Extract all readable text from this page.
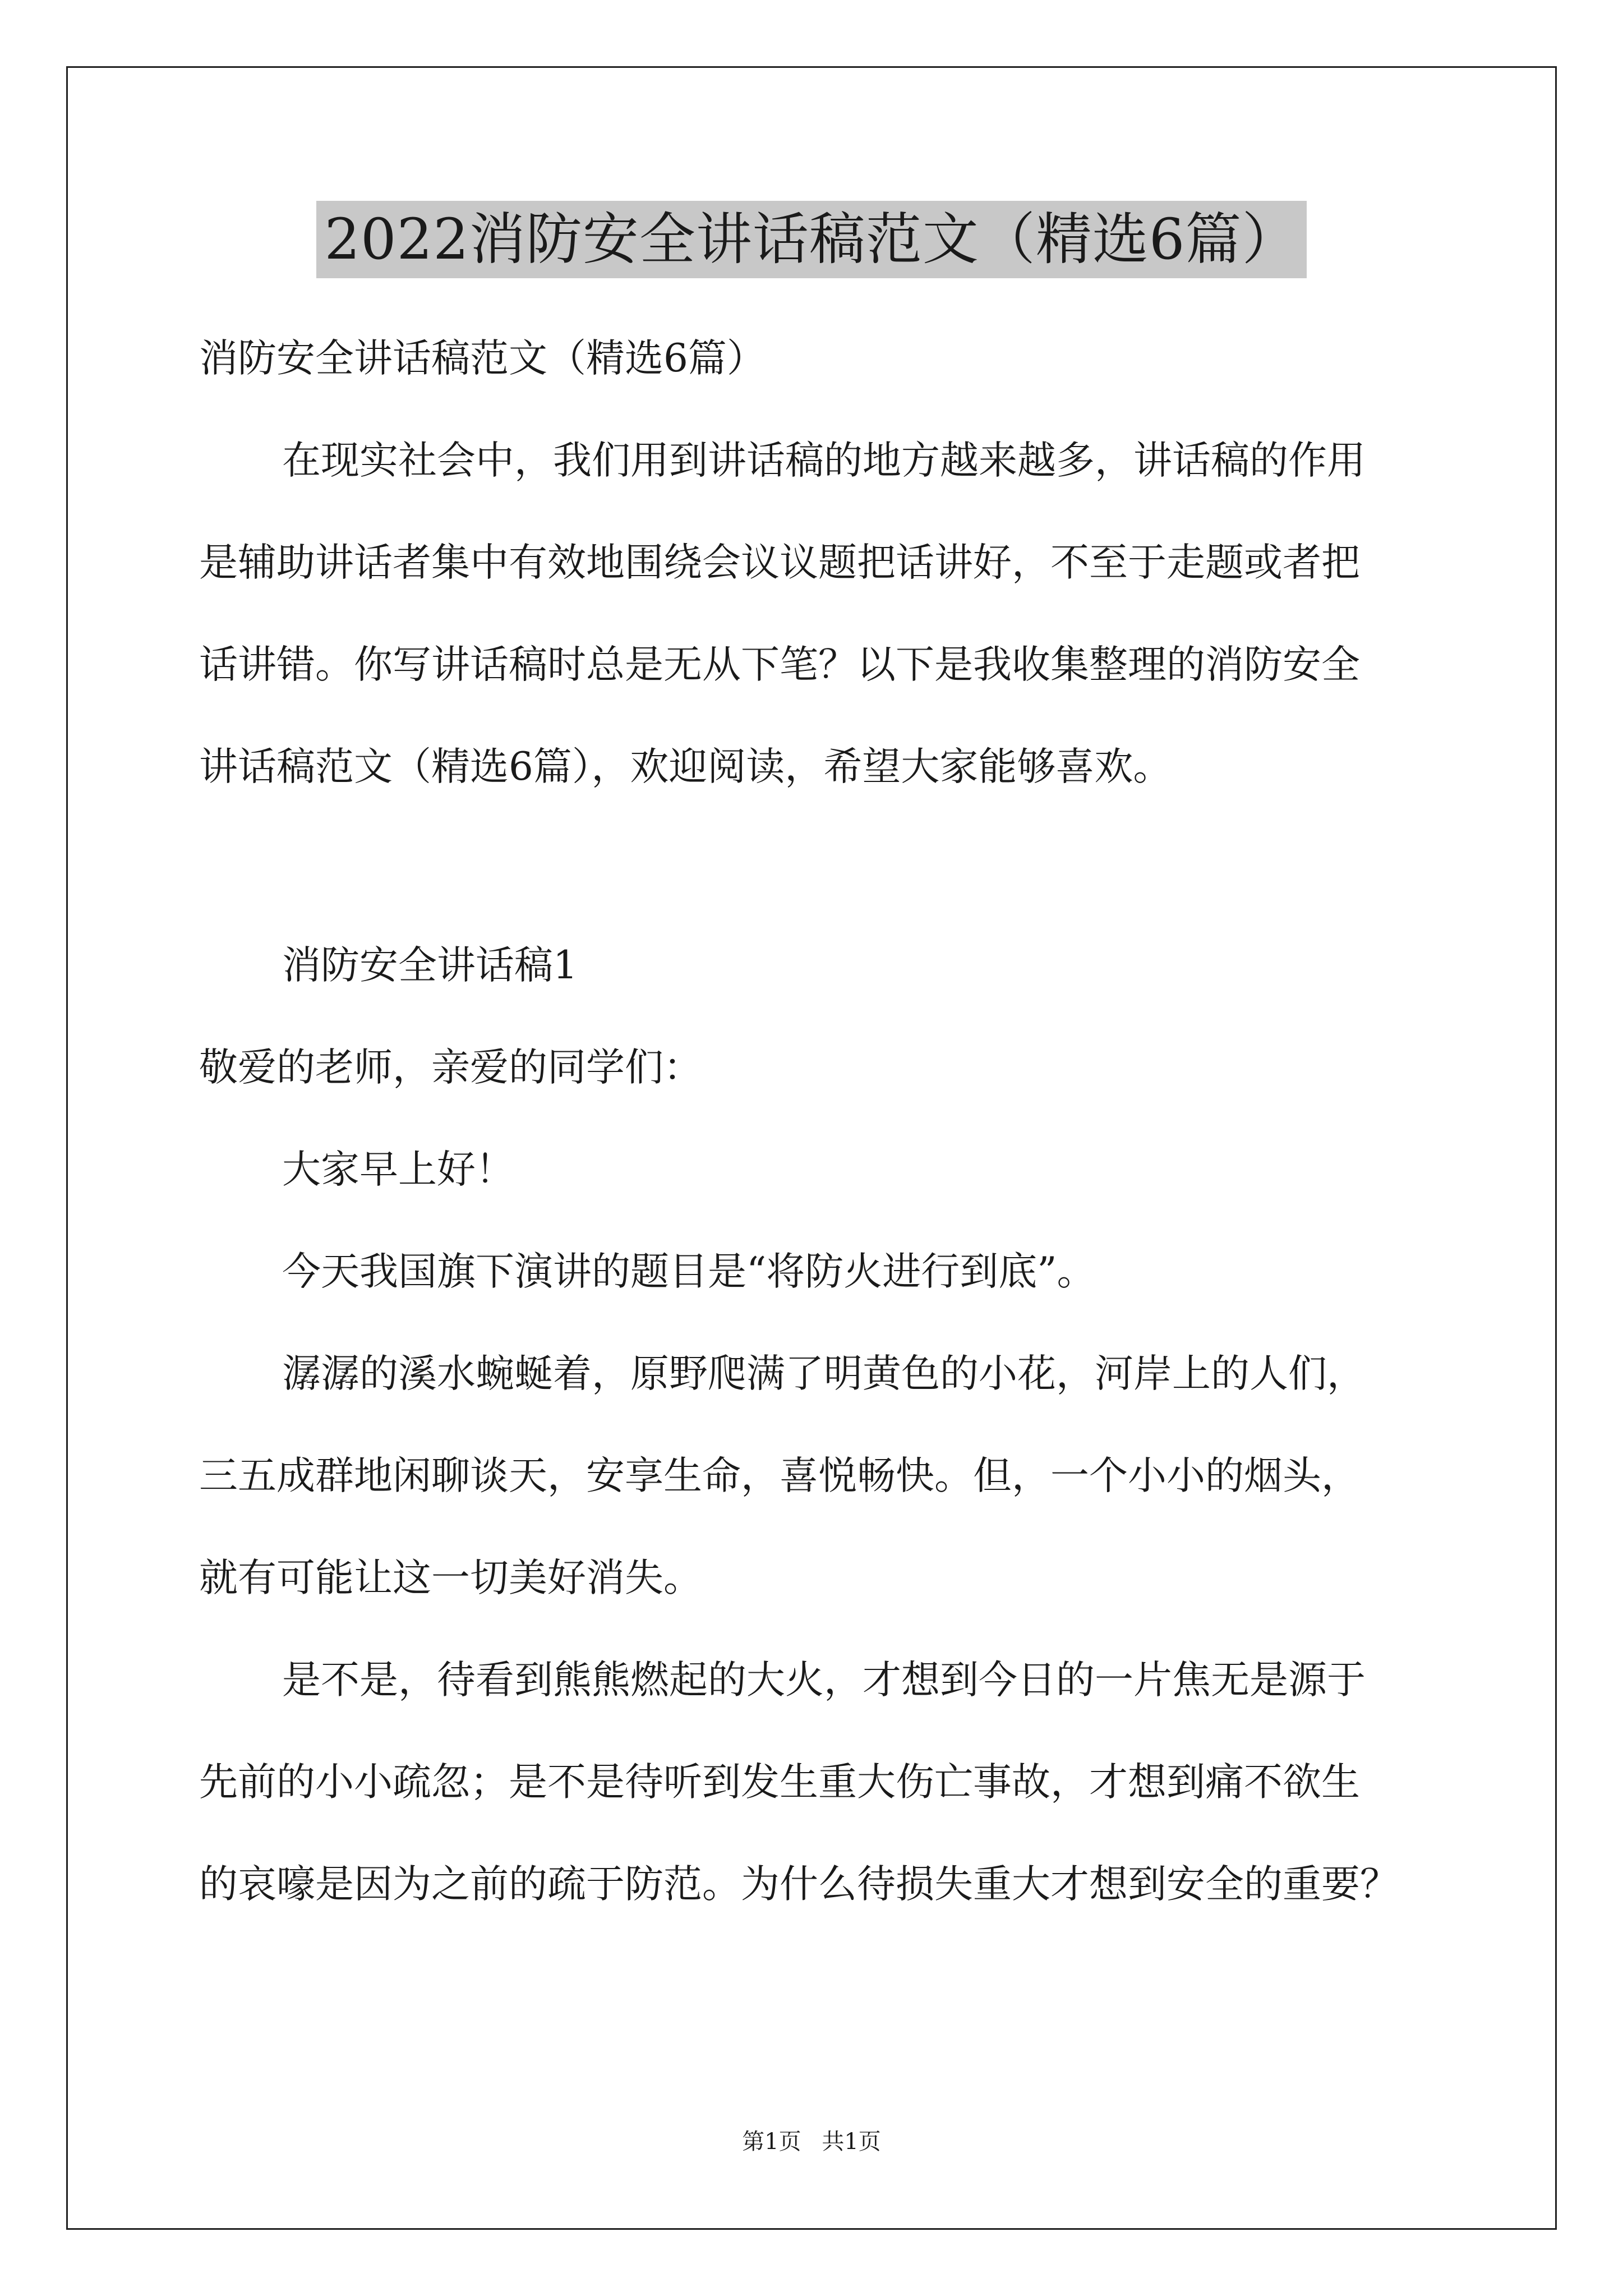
2022消防安全讲话稿范文（精选6篇）

消防安全讲话稿范文（精选6篇）

在现实社会中，我们用到讲话稿的地方越来越多，讲话稿的作用

是辅助讲话者集中有效地围绕会议议题把话讲好，不至于走题或者把

话讲错。你写讲话稿时总是无从下笔？以下是我收集整理的消防安全

讲话稿范文（精选6篇），欢迎阅读，希望大家能够喜欢。

消防安全讲话稿1

敬爱的老师，亲爱的同学们：

大家早上好！

今天我国旗下演讲的题目是“将防火进行到底”。

潺潺的溪水蜿蜒着，原野爬满了明黄色的小花，河岸上的人们，

三五成群地闲聊谈天，安享生命，喜悦畅快。但，一个小小的烟头，

就有可能让这一切美好消失。

是不是，待看到熊熊燃起的大火，才想到今日的一片焦无是源于

先前的小小疏忽；是不是待听到发生重大伤亡事故，才想到痛不欲生

的哀嚎是因为之前的疏于防范。为什么待损失重大才想到安全的重要？

第1页 共1页
